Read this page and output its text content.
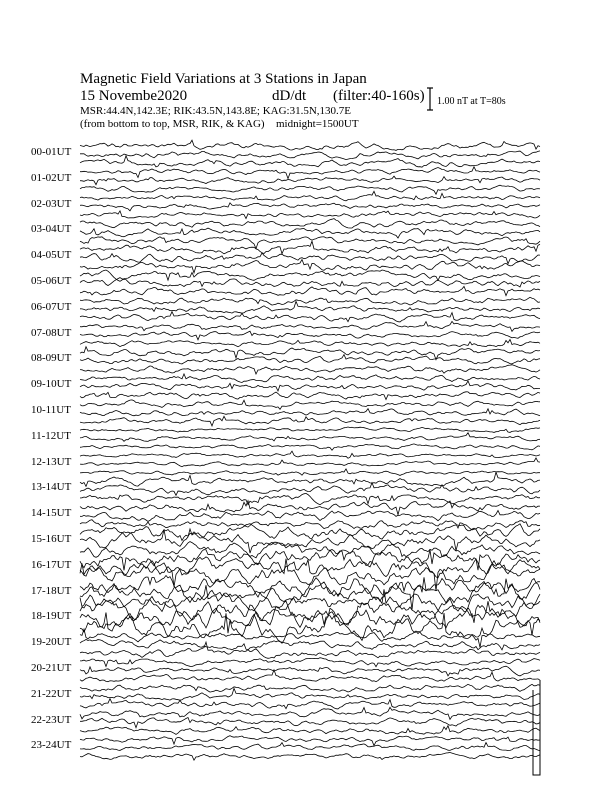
Magnetic Field Variations at 3 Stations in Japan
15 Novembe2020	dD/dt (filter:40-160s)
MSR:44.4N,142.3E; RIK:43.5N,143.8E; KAG:31.5N,130.7E
(from bottom to top, MSR, RIK, & KAG) midnight=1500UT
1.00 nT at T=80s
00-01UT
01-02UT
02-03UT
03-04UT
04-05UT
05-06UT
06-07UT
07-08UT
08-09UT
09-10UT
10-11UT
11-12UT
12-13UT
13-14UT
14-15UT
15-16UT
16-17UT
17-18UT
18-19UT
19-20UT
20-21UT
21-22UT
22-23UT
23-24UT
